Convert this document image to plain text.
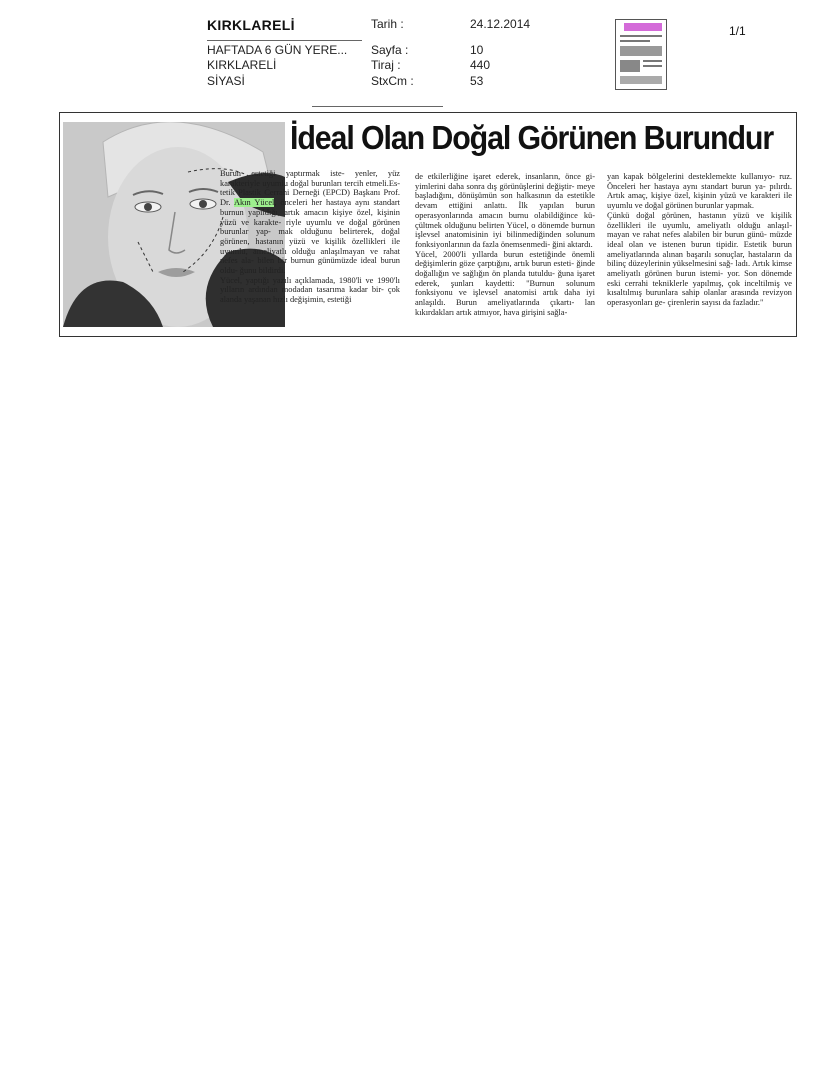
KIRKLARELİ
HAFTADA 6 GÜN YERE...
KIRKLARELİ
SİYASİ
Tarih :
Sayfa :
Tiraj :
StxCm :
24.12.2014
10
440
53
1/1
İdeal Olan Doğal Görünen Burundur

Burun estetiği yaptırmak iste- yenler, yüz karakteriyle uyumlu doğal burunları tercih etmeli.Es- tetik Plastik Cerrahi Derneği (EPCD) Başkanı Prof. Dr. Akın Yücel, önceleri her hastaya aynı standart burnun yapıldığı, artık amacın kişiye özel, kişinin yüzü ve karakte- riyle uyumlu ve doğal görünen burunlar yap- mak olduğunu belirterek, doğal görünen, hastanın yüzü ve kişilik özellikleri ile uyumlu, ameliyatlı olduğu anlaşılmayan ve rahat nefes ala- bilen bir burnun günümüzde ideal burun oldu- ğunu bildirdi.

Yücel, yaptığı yazılı açıklamada, 1980'li ve 1990'lı yılların ardından modadan tasarıma kadar bir- çok alanda yaşanan hızlı değişimin, estetiği

de etkilerliğine işaret ederek, insanların, önce gi- yimlerini daha sonra dış görünüşlerini değiştir- meye başladığını, dönüşümün son halkasının da estetikle devam ettiğini anlattı. İlk yapılan burun operasyonlarında amacın burnu olabildiğince kü- çültmek olduğunu belirten Yücel, o dönemde burnun işlevsel anatomisinin iyi bilinmediğinden solunum fonksiyonlarının da fazla önemsenmedi- ğini aktardı.

Yücel, 2000'li yıllarda burun estetiğinde önemli değişimlerin göze çarptığını, artık burun esteti- ğinde doğallığın ve sağlığın ön planda tutuldu- ğuna işaret ederek, şunları kaydetti: "Burnun solunum fonksiyonu ve işlevsel anatomisi artık daha iyi anlaşıldı. Burun ameliyatlarında çıkartı- lan kıkırdakları artık atmıyor, hava girişini sağla-

yan kapak bölgelerini desteklemekte kullanıyo- ruz. Önceleri her hastaya aynı standart burun ya- pılırdı. Artık amaç, kişiye özel, kişinin yüzü ve karakteri ile uyumlu ve doğal görünen burunlar yapmak.

Çünkü doğal görünen, hastanın yüzü ve kişilik özellikleri ile uyumlu, ameliyatlı olduğu anlaşıl- mayan ve rahat nefes alabilen bir burun günü- müzde ideal olan ve istenen burun tipidir. Estetik burun ameliyatlarında alınan başarılı sonuçlar, hastaların da bilinç düzeylerinin yükselmesini sağ- ladı. Artık kimse ameliyatlı görünen burun istemi- yor. Son dönemde eski cerrahi tekniklerle yapılmış, çok inceltilmiş ve kısaltılmış burunlara sahip olanlar arasında revizyon operasyonları ge- çirenlerin sayısı da fazladır."
